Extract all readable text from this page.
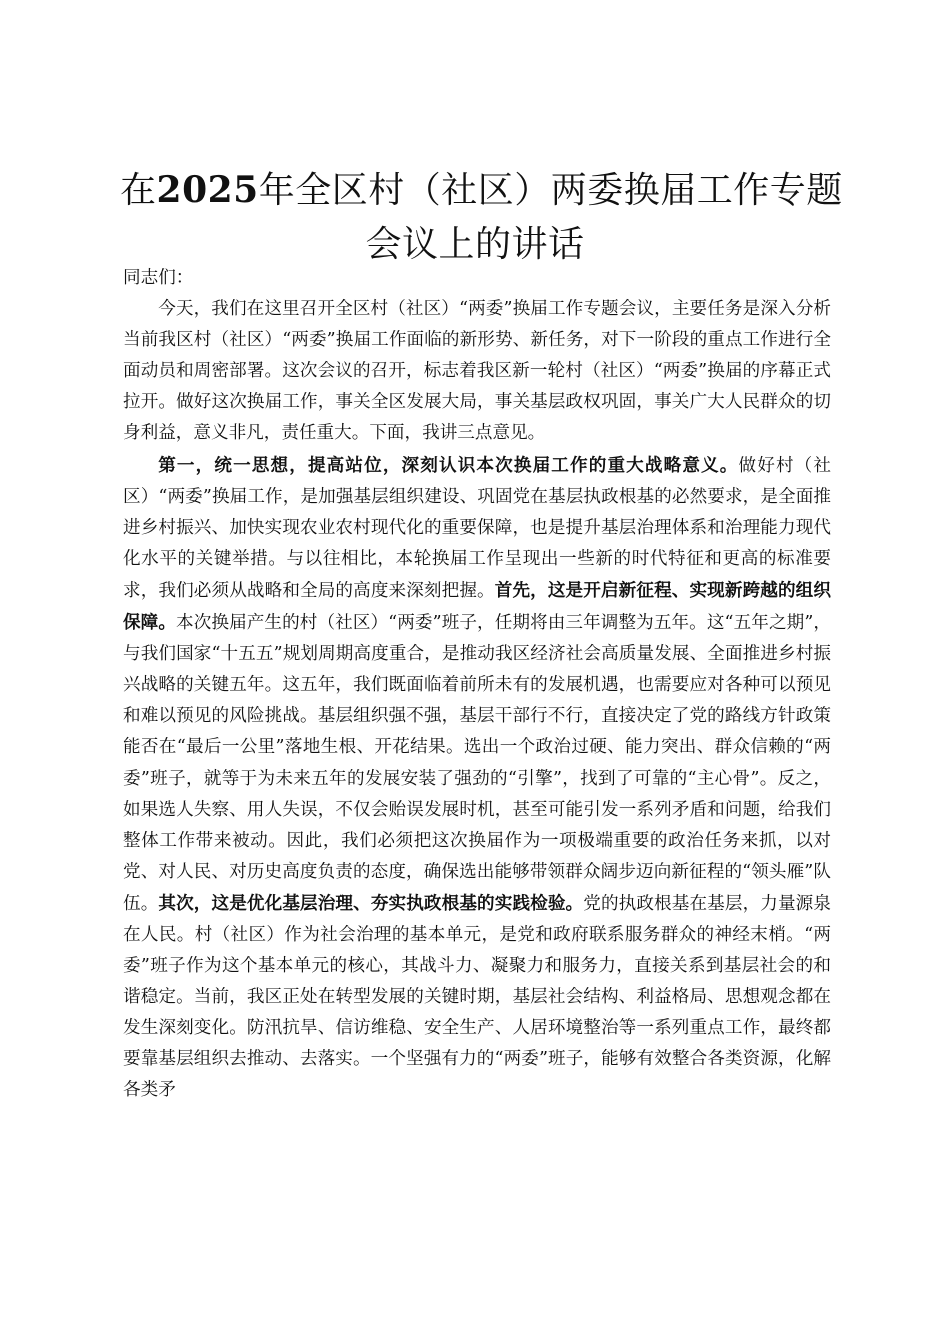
在2025年全区村（社区）两委换届工作专题
会议上的讲话

同志们：

今天，我们在这里召开全区村（社区）“两委”换届工作专题会议，主要任务是深入分析当前我区村（社区）“两委”换届工作面临的新形势、新任务，对下一阶段的重点工作进行全面动员和周密部署。这次会议的召开，标志着我区新一轮村（社区）“两委”换届的序幕正式拉开。做好这次换届工作，事关全区发展大局，事关基层政权巩固，事关广大人民群众的切身利益，意义非凡，责任重大。下面，我讲三点意见。

第一，统一思想，提高站位，深刻认识本次换届工作的重大战略意义。做好村（社区）“两委”换届工作，是加强基层组织建设、巩固党在基层执政根基的必然要求，是全面推进乡村振兴、加快实现农业农村现代化的重要保障，也是提升基层治理体系和治理能力现代化水平的关键举措。与以往相比，本轮换届工作呈现出一些新的时代特征和更高的标准要求，我们必须从战略和全局的高度来深刻把握。首先，这是开启新征程、实现新跨越的组织保障。本次换届产生的村（社区）“两委”班子，任期将由三年调整为五年。这“五年之期”，与我们国家“十五五”规划周期高度重合，是推动我区经济社会高质量发展、全面推进乡村振兴战略的关键五年。这五年，我们既面临着前所未有的发展机遇，也需要应对各种可以预见和难以预见的风险挑战。基层组织强不强，基层干部行不行，直接决定了党的路线方针政策能否在“最后一公里”落地生根、开花结果。选出一个政治过硬、能力突出、群众信赖的“两委”班子，就等于为未来五年的发展安装了强劲的“引擎”，找到了可靠的“主心骨”。反之，如果选人失察、用人失误，不仅会贻误发展时机，甚至可能引发一系列矛盾和问题，给我们整体工作带来被动。因此，我们必须把这次换届作为一项极端重要的政治任务来抓，以对党、对人民、对历史高度负责的态度，确保选出能够带领群众阔步迈向新征程的“领头雁”队伍。其次，这是优化基层治理、夯实执政根基的实践检验。党的执政根基在基层，力量源泉在人民。村（社区）作为社会治理的基本单元，是党和政府联系服务群众的神经末梢。“两委”班子作为这个基本单元的核心，其战斗力、凝聚力和服务力，直接关系到基层社会的和谐稳定。当前，我区正处在转型发展的关键时期，基层社会结构、利益格局、思想观念都在发生深刻变化。防汛抗旱、信访维稳、安全生产、人居环境整治等一系列重点工作，最终都要靠基层组织去推动、去落实。一个坚强有力的“两委”班子，能够有效整合各类资源，化解各类矛
